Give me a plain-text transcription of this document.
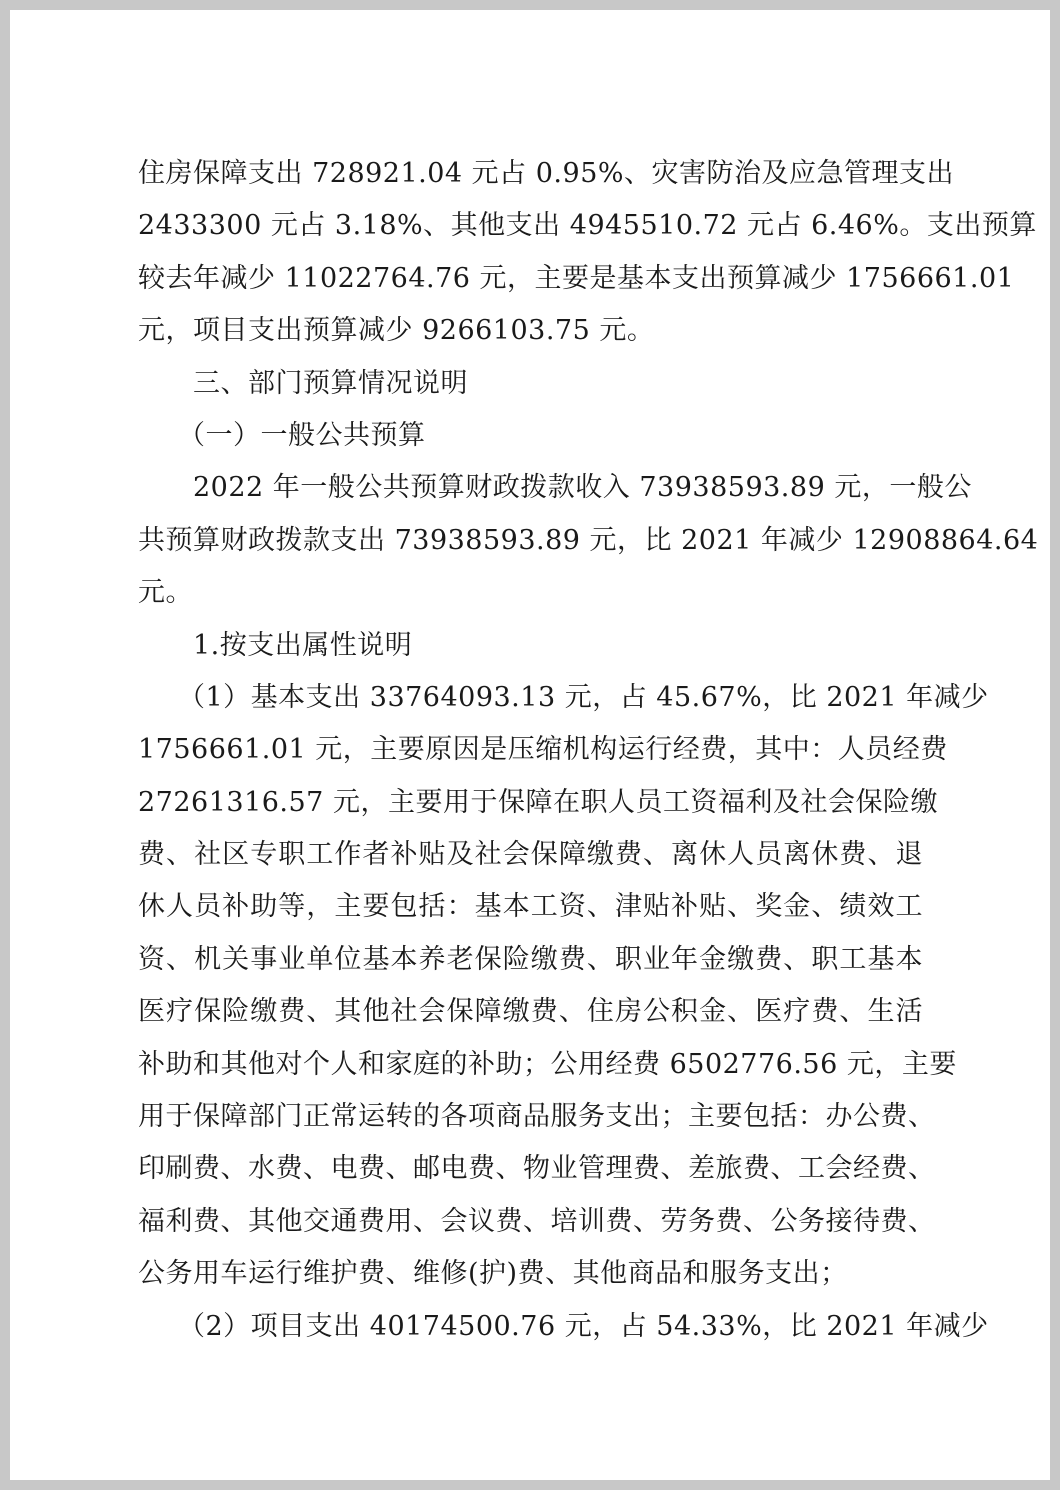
住房保障支出 728921.04 元占 0.95%、灾害防治及应急管理支出
2433300 元占 3.18%、其他支出 4945510.72 元占 6.46%。支出预算
较去年减少 11022764.76 元，主要是基本支出预算减少 1756661.01
元，项目支出预算减少 9266103.75 元。
三、部门预算情况说明
（一）一般公共预算
2022 年一般公共预算财政拨款收入 73938593.89 元，一般公
共预算财政拨款支出 73938593.89 元，比 2021 年减少 12908864.64
元。
1.按支出属性说明
（1）基本支出 33764093.13 元，占 45.67%，比 2021 年减少
1756661.01 元，主要原因是压缩机构运行经费，其中：人员经费
27261316.57 元，主要用于保障在职人员工资福利及社会保险缴
费、社区专职工作者补贴及社会保障缴费、离休人员离休费、退
休人员补助等，主要包括：基本工资、津贴补贴、奖金、绩效工
资、机关事业单位基本养老保险缴费、职业年金缴费、职工基本
医疗保险缴费、其他社会保障缴费、住房公积金、医疗费、生活
补助和其他对个人和家庭的补助；公用经费 6502776.56 元，主要
用于保障部门正常运转的各项商品服务支出；主要包括：办公费、
印刷费、水费、电费、邮电费、物业管理费、差旅费、工会经费、
福利费、其他交通费用、会议费、培训费、劳务费、公务接待费、
公务用车运行维护费、维修(护)费、其他商品和服务支出；
（2）项目支出 40174500.76 元，占 54.33%，比 2021 年减少
